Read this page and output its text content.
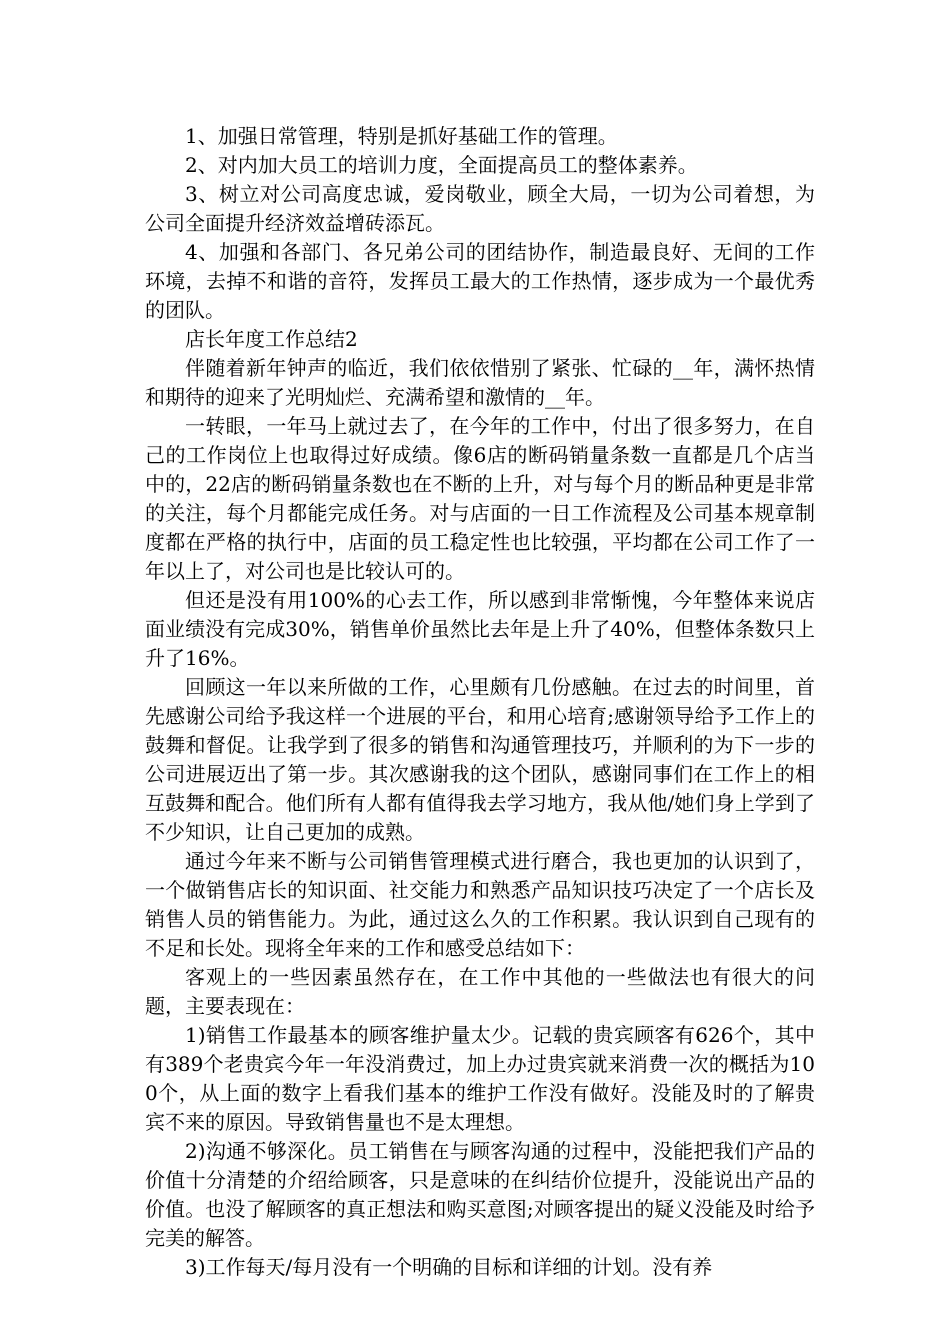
1、加强日常管理，特别是抓好基础工作的管理。

2、对内加大员工的培训力度，全面提高员工的整体素养。

3、树立对公司高度忠诚，爱岗敬业，顾全大局，一切为公司着想，为公司全面提升经济效益增砖添瓦。

4、加强和各部门、各兄弟公司的团结协作，制造最良好、无间的工作环境，去掉不和谐的音符，发挥员工最大的工作热情，逐步成为一个最优秀的团队。

店长年度工作总结2

伴随着新年钟声的临近，我们依依惜别了紧张、忙碌的__年，满怀热情和期待的迎来了光明灿烂、充满希望和激情的__年。

一转眼，一年马上就过去了，在今年的工作中，付出了很多努力，在自己的工作岗位上也取得过好成绩。像6店的断码销量条数一直都是几个店当中的，22店的断码销量条数也在不断的上升，对与每个月的断品种更是非常的关注，每个月都能完成任务。对与店面的一日工作流程及公司基本规章制度都在严格的执行中，店面的员工稳定性也比较强，平均都在公司工作了一年以上了，对公司也是比较认可的。

但还是没有用100%的心去工作，所以感到非常惭愧，今年整体来说店面业绩没有完成30%，销售单价虽然比去年是上升了40%，但整体条数只上升了16%。

回顾这一年以来所做的工作，心里颇有几份感触。在过去的时间里，首先感谢公司给予我这样一个进展的平台，和用心培育;感谢领导给予工作上的鼓舞和督促。让我学到了很多的销售和沟通管理技巧，并顺利的为下一步的公司进展迈出了第一步。其次感谢我的这个团队，感谢同事们在工作上的相互鼓舞和配合。他们所有人都有值得我去学习地方，我从他/她们身上学到了不少知识，让自己更加的成熟。

通过今年来不断与公司销售管理模式进行磨合，我也更加的认识到了，一个做销售店长的知识面、社交能力和熟悉产品知识技巧决定了一个店长及销售人员的销售能力。为此，通过这么久的工作积累。我认识到自己现有的不足和长处。现将全年来的工作和感受总结如下：

客观上的一些因素虽然存在，在工作中其他的一些做法也有很大的问题，主要表现在：

1)销售工作最基本的顾客维护量太少。记载的贵宾顾客有626个，其中有389个老贵宾今年一年没消费过，加上办过贵宾就来消费一次的概括为100个，从上面的数字上看我们基本的维护工作没有做好。没能及时的了解贵宾不来的原因。导致销售量也不是太理想。

2)沟通不够深化。员工销售在与顾客沟通的过程中，没能把我们产品的价值十分清楚的介绍给顾客，只是意味的在纠结价位提升，没能说出产品的价值。也没了解顾客的真正想法和购买意图;对顾客提出的疑义没能及时给予完美的解答。

3)工作每天/每月没有一个明确的目标和详细的计划。没有养
